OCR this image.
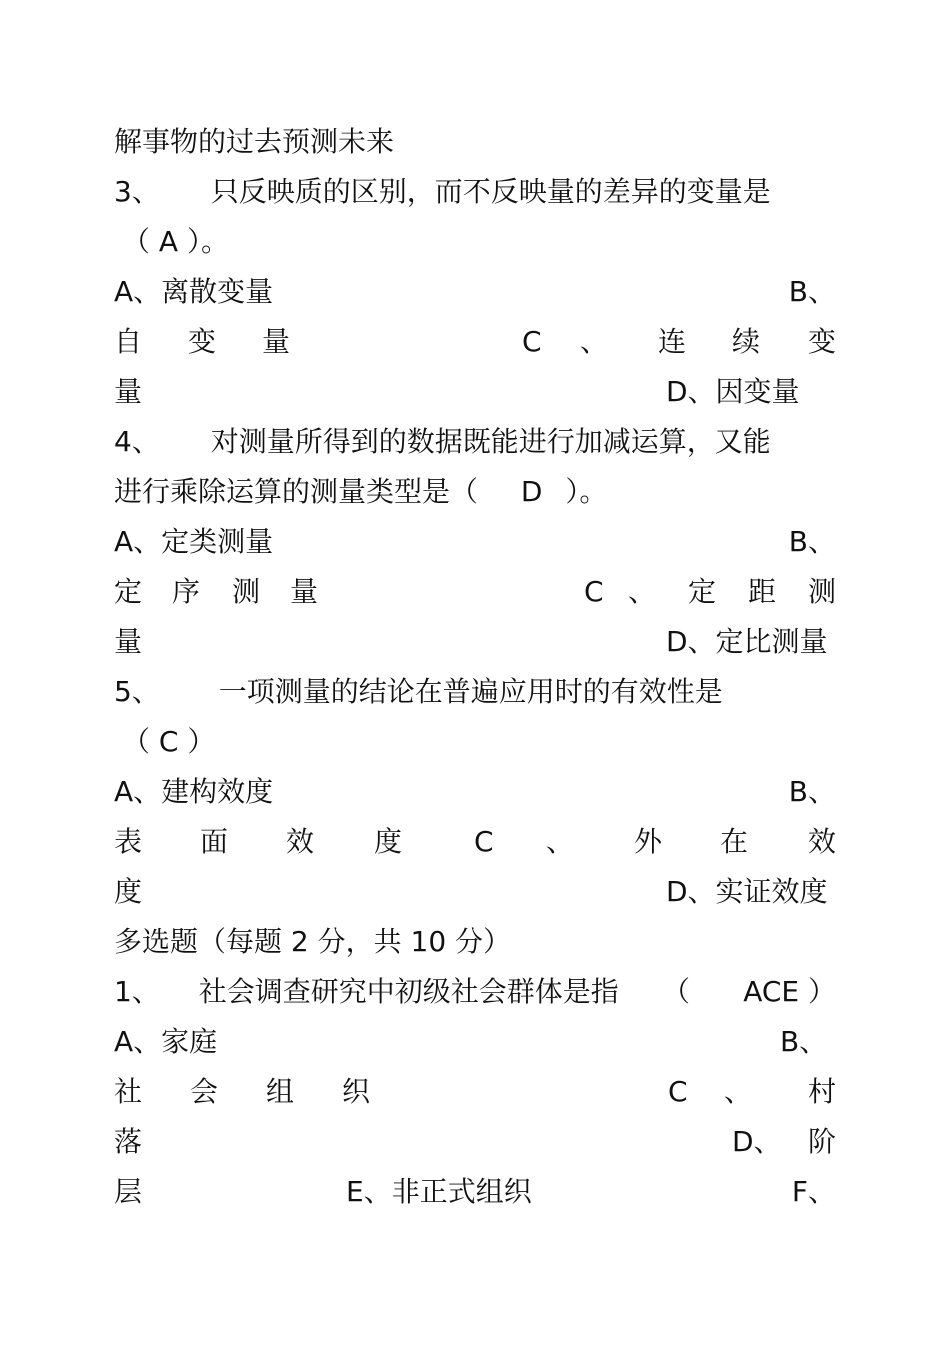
解事物的过去预测未来
3、 只反映质的区别，而不反映量的差异的变量是
（ A ）。
A、离散变量	B、
自 变 量	C 、 连 续 变
量	D、因变量
4、 对测量所得到的数据既能进行加减运算，又能
进行乘除运算的测量类型是（ D ）。
A、定类测量	B、
定 序 测 量	C 、 定 距 测
量	D、定比测量
5、 一项测量的结论在普遍应用时的有效性是
（ C ）
A、建构效度	B、
表 面 效 度	C 、 外 在 效
度	D、实证效度
多选题（每题 2 分，共 10 分）
1、 社会调查研究中初级社会群体是指 （ ACE ）
A、家庭	B、
社 会 组 织	C 、 村
落	D、 阶
层	E、非正式组织	F、
